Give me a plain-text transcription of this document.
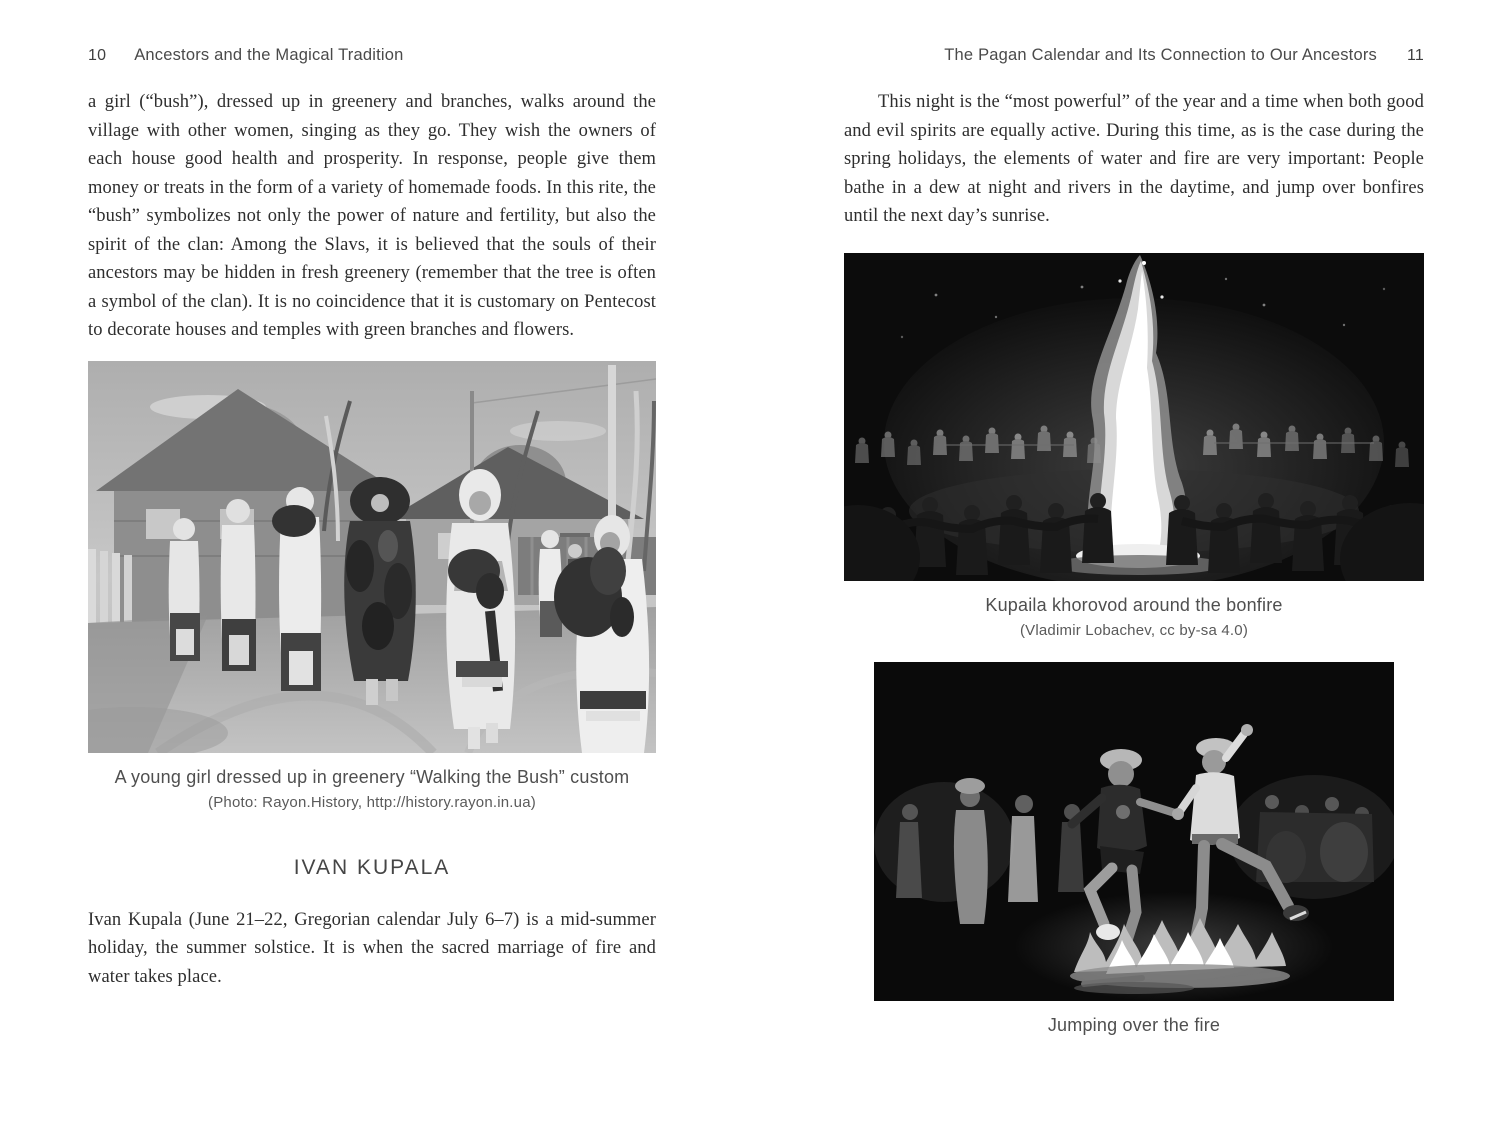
10 Ancestors and the Magical Tradition

a girl (“bush”), dressed up in greenery and branches, walks around the village with other women, singing as they go. They wish the owners of each house good health and prosperity. In response, people give them money or treats in the form of a variety of homemade foods. In this rite, the “bush” symbolizes not only the power of nature and fertility, but also the spirit of the clan: Among the Slavs, it is believed that the souls of their ancestors may be hidden in fresh greenery (remember that the tree is often a symbol of the clan). It is no coincidence that it is customary on Pentecost to decorate houses and temples with green branches and flowers.

A young girl dressed up in greenery “Walking the Bush” custom
(Photo: Rayon.History, http://history.rayon.in.ua)
IVAN KUPALA

Ivan Kupala (June 21–22, Gregorian calendar July 6–7) is a mid-summer holiday, the summer solstice. It is when the sacred marriage of fire and water takes place.

The Pagan Calendar and Its Connection to Our Ancestors 11

This night is the “most powerful” of the year and a time when both good and evil spirits are equally active. During this time, as is the case during the spring holidays, the elements of water and fire are very important: People bathe in a dew at night and rivers in the daytime, and jump over bonfires until the next day’s sunrise.

Kupaila khorovod around the bonfire
(Vladimir Lobachev, cc by-sa 4.0)
Jumping over the fire
